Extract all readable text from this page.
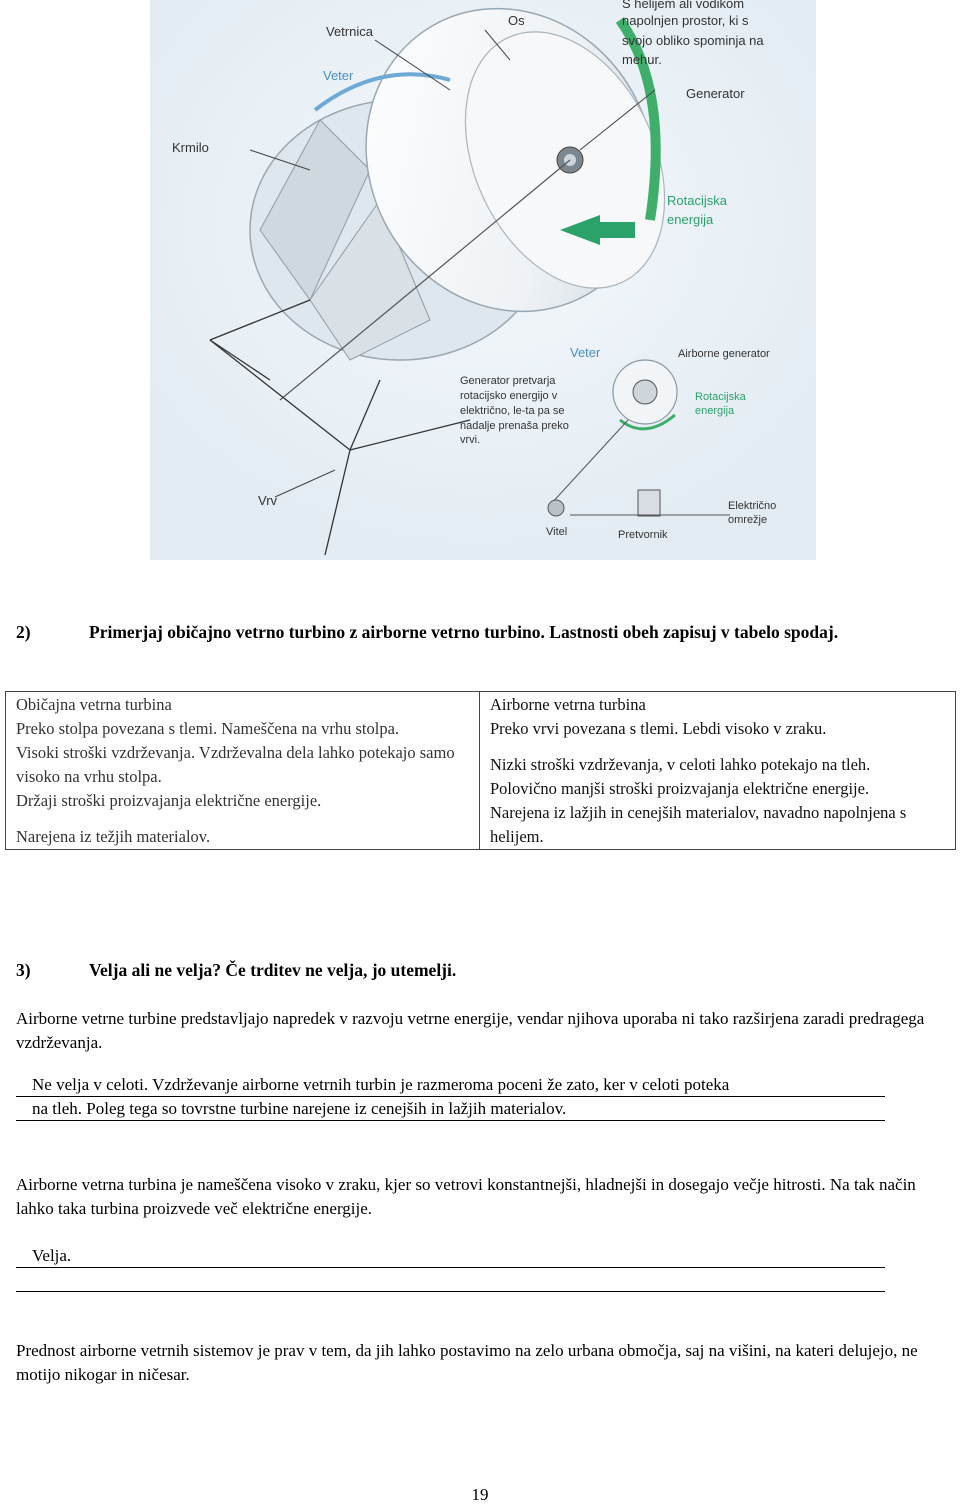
Vetrnica
Os
Veter
S helijem ali vodikom
napolnjen prostor, ki s
svojo obliko spominja na
mehur.
Generator
Krmilo
Rotacijska
energija
Vrv
Veter	Airborne generator
Generator pretvarja
rotacijsko energijo v
električno, le-ta pa se
nadalje prenaša preko
vrvi.
Rotacijska
energija
Vitel	Pretvornik
Električno
omrežje
2)	Primerjaj običajno vetrno turbino z airborne vetrno turbino. Lastnosti obeh zapisuj v tabelo spodaj.
Običajna vetrna turbina
Preko stolpa povezana s tlemi. Nameščena na vrhu stolpa.
Visoki stroški vzdrževanja. Vzdrževalna dela lahko potekajo samo visoko na vrhu stolpa.
Držaji stroški proizvajanja električne energije.
Narejena iz težjih materialov.

Airborne vetrna turbina
Preko vrvi povezana s tlemi. Lebdi visoko v zraku.
Nizki stroški vzdrževanja, v celoti lahko potekajo na tleh.
Polovično manjši stroški proizvajanja električne energije.
Narejena iz lažjih in cenejših materialov, navadno napolnjena s helijem.
3)	Velja ali ne velja? Če trditev ne velja, jo utemelji.
Airborne vetrne turbine predstavljajo napredek v razvoju vetrne energije, vendar njihova uporaba ni tako razširjena zaradi predragega vzdrževanja.
Ne velja v celoti. Vzdrževanje airborne vetrnih turbin je razmeroma poceni že zato, ker v celoti poteka
na tleh. Poleg tega so tovrstne turbine narejene iz cenejših in lažjih materialov.
Airborne vetrna turbina je nameščena visoko v zraku, kjer so vetrovi konstantnejši, hladnejši in dosegajo večje hitrosti. Na tak način lahko taka turbina proizvede več električne energije.
Velja.
Prednost airborne vetrnih sistemov je prav v tem, da jih lahko postavimo na zelo urbana območja, saj na višini, na kateri delujejo, ne motijo nikogar in ničesar.
19
